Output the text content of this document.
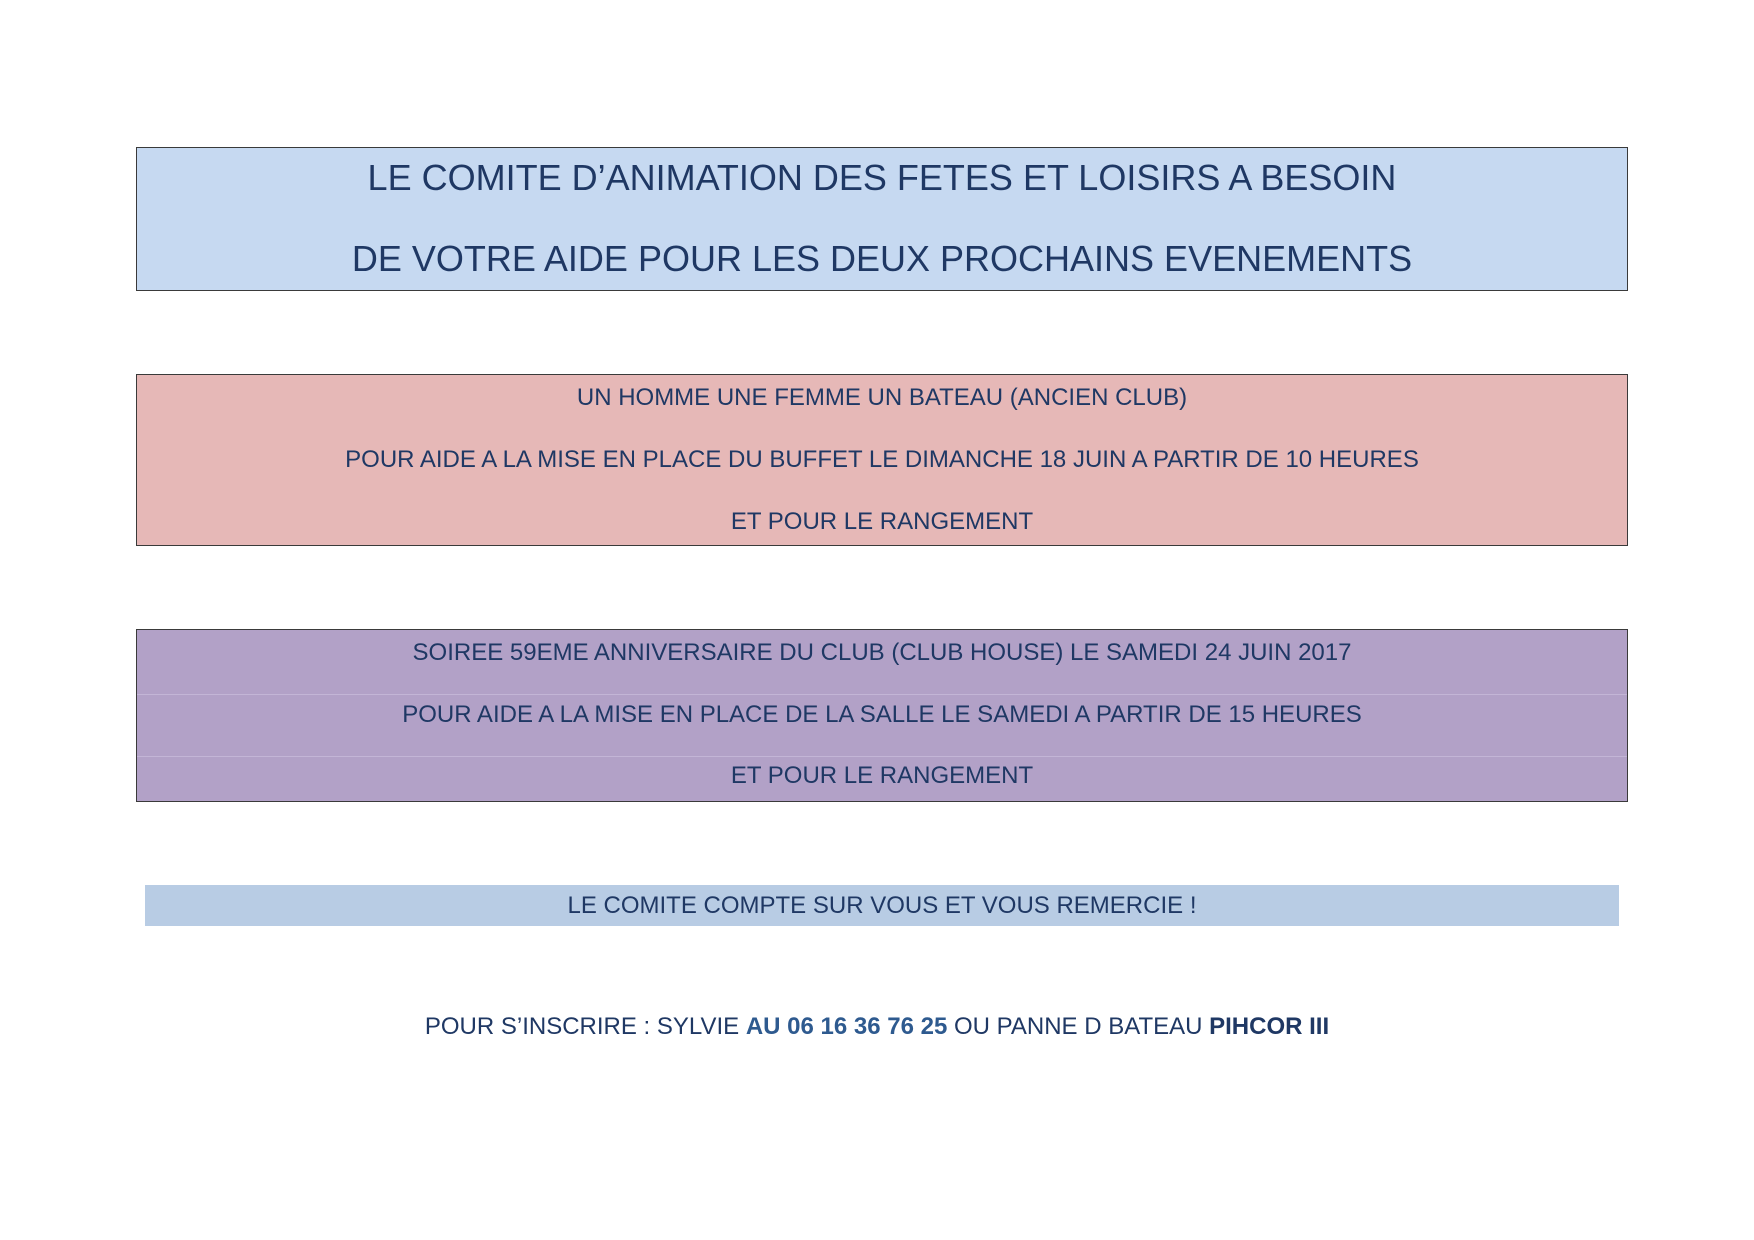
LE COMITE D’ANIMATION DES FETES ET LOISIRS A BESOIN
DE VOTRE AIDE POUR LES DEUX PROCHAINS EVENEMENTS
UN HOMME UNE FEMME UN BATEAU (ANCIEN CLUB)
POUR AIDE A LA MISE EN PLACE DU BUFFET LE DIMANCHE 18 JUIN A PARTIR DE 10 HEURES
ET POUR LE RANGEMENT
SOIREE 59EME ANNIVERSAIRE DU CLUB (CLUB HOUSE) LE SAMEDI 24 JUIN 2017
POUR AIDE A LA MISE EN PLACE DE LA SALLE LE SAMEDI A PARTIR DE 15 HEURES
ET POUR LE RANGEMENT
LE COMITE COMPTE SUR VOUS ET VOUS REMERCIE !
POUR S’INSCRIRE : SYLVIE AU 06 16 36 76 25 OU PANNE D BATEAU PIHCOR III
